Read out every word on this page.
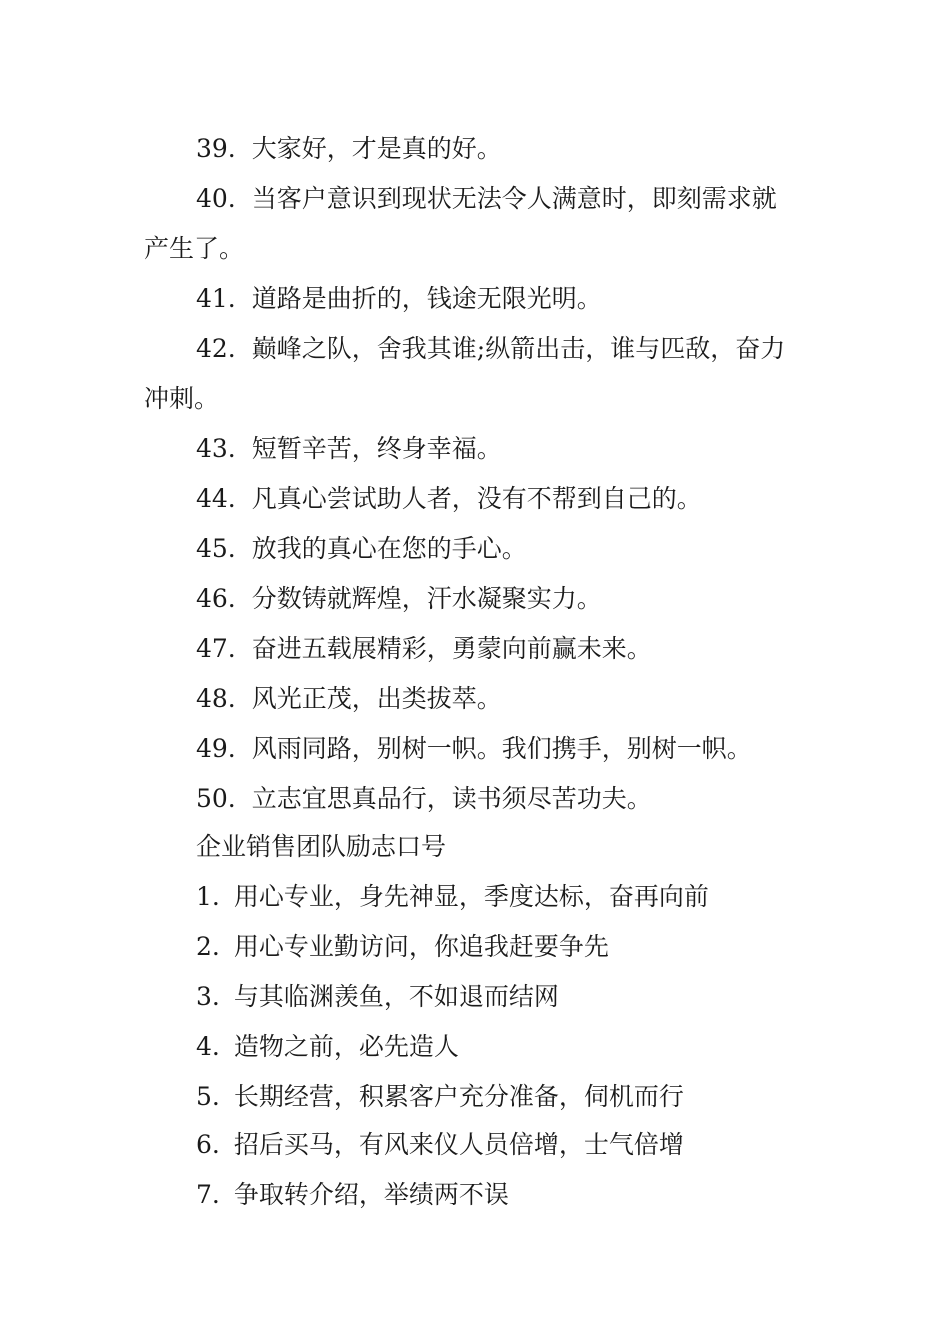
39. 大家好，才是真的好。
40. 当客户意识到现状无法令人满意时，即刻需求就
产生了。
41. 道路是曲折的，钱途无限光明。
42. 巅峰之队，舍我其谁;纵箭出击，谁与匹敌，奋力
冲刺。
43. 短暂辛苦，终身幸福。
44. 凡真心尝试助人者，没有不帮到自己的。
45. 放我的真心在您的手心。
46. 分数铸就辉煌，汗水凝聚实力。
47. 奋进五载展精彩，勇蒙向前赢未来。
48. 风光正茂，出类拔萃。
49. 风雨同路，别树一帜。我们携手，别树一帜。
50. 立志宜思真品行，读书须尽苦功夫。
企业销售团队励志口号
1. 用心专业，身先神显，季度达标，奋再向前
2. 用心专业勤访问，你追我赶要争先
3. 与其临渊羡鱼，不如退而结网
4. 造物之前，必先造人
5. 长期经营，积累客户充分准备，伺机而行
6. 招后买马，有风来仪人员倍增，士气倍增
7. 争取转介绍，举绩两不误
